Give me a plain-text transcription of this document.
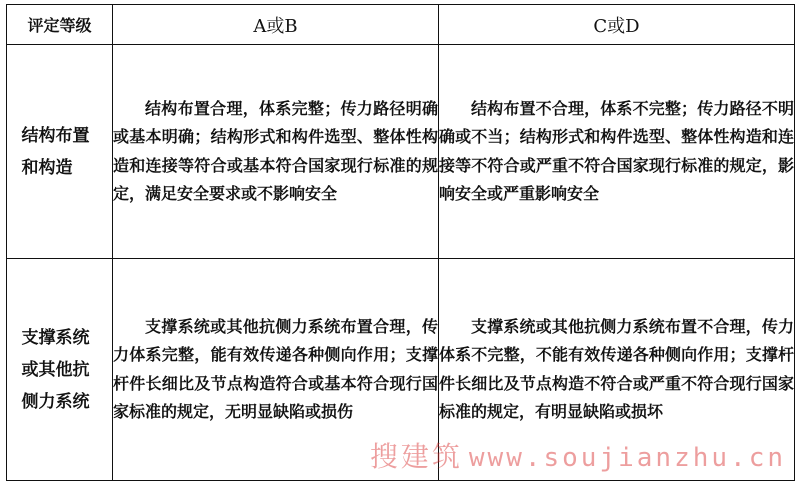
评定等级	A或B	C或D
结构布置和构造	结构布置合理，体系完整；传力路径明确或基本明确；结构形式和构件选型、整体性构造和连接等符合或基本符合国家现行标准的规定，满足安全要求或不影响安全	结构布置不合理，体系不完整；传力路径不明确或不当；结构形式和构件选型、整体性构造和连接等不符合或严重不符合国家现行标准的规定，影响安全或严重影响安全

支撑系统或其他抗侧力系统	支撑系统或其他抗侧力系统布置合理，传力体系完整，能有效传递各种侧向作用；支撑杆件长细比及节点构造符合或基本符合现行国家标准的规定，无明显缺陷或损伤	支撑系统或其他抗侧力系统布置不合理，传力体系不完整，不能有效传递各种侧向作用；支撑杆件长细比及节点构造不符合或严重不符合现行国家标准的规定，有明显缺陷或损坏

搜建筑 www.soujianzhu.cn
